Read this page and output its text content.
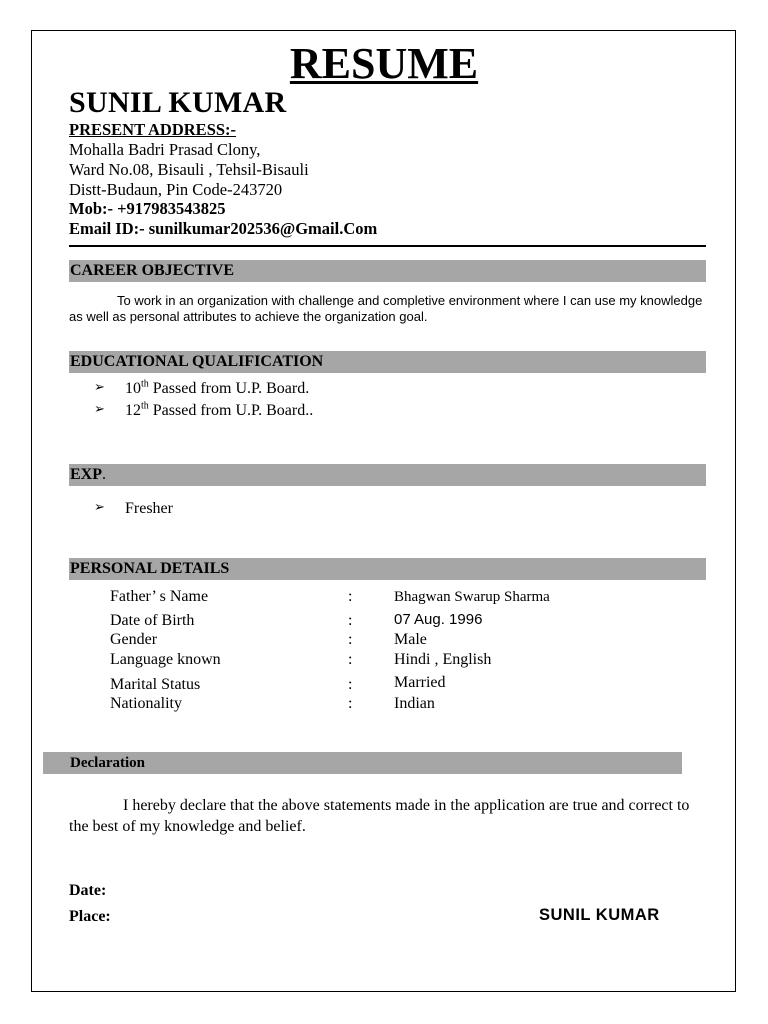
RESUME
SUNIL KUMAR
PRESENT ADDRESS:-
Mohalla Badri Prasad Clony,
Ward No.08, Bisauli , Tehsil-Bisauli
Distt-Budaun, Pin Code-243720
Mob:- +917983543825
Email ID:- sunilkumar202536@Gmail.Com
CAREER OBJECTIVE
To work in an organization with challenge and completive environment where I can use my knowledge as well as personal attributes to achieve the organization goal.
EDUCATIONAL QUALIFICATION
➢ 10th Passed from U.P. Board.
➢ 12th Passed from U.P. Board..
EXP.
➢ Fresher
PERSONAL DETAILS
Father’ s Name	:	Bhagwan Swarup Sharma
Date of Birth	:	07 Aug. 1996
Gender	:	Male
Language known	:	Hindi , English
Marital Status	:	Married
Nationality	:	Indian
Declaration
I hereby declare that the above statements made in the application are true and correct to the best of my knowledge and belief.
Date:
Place:	SUNIL KUMAR
